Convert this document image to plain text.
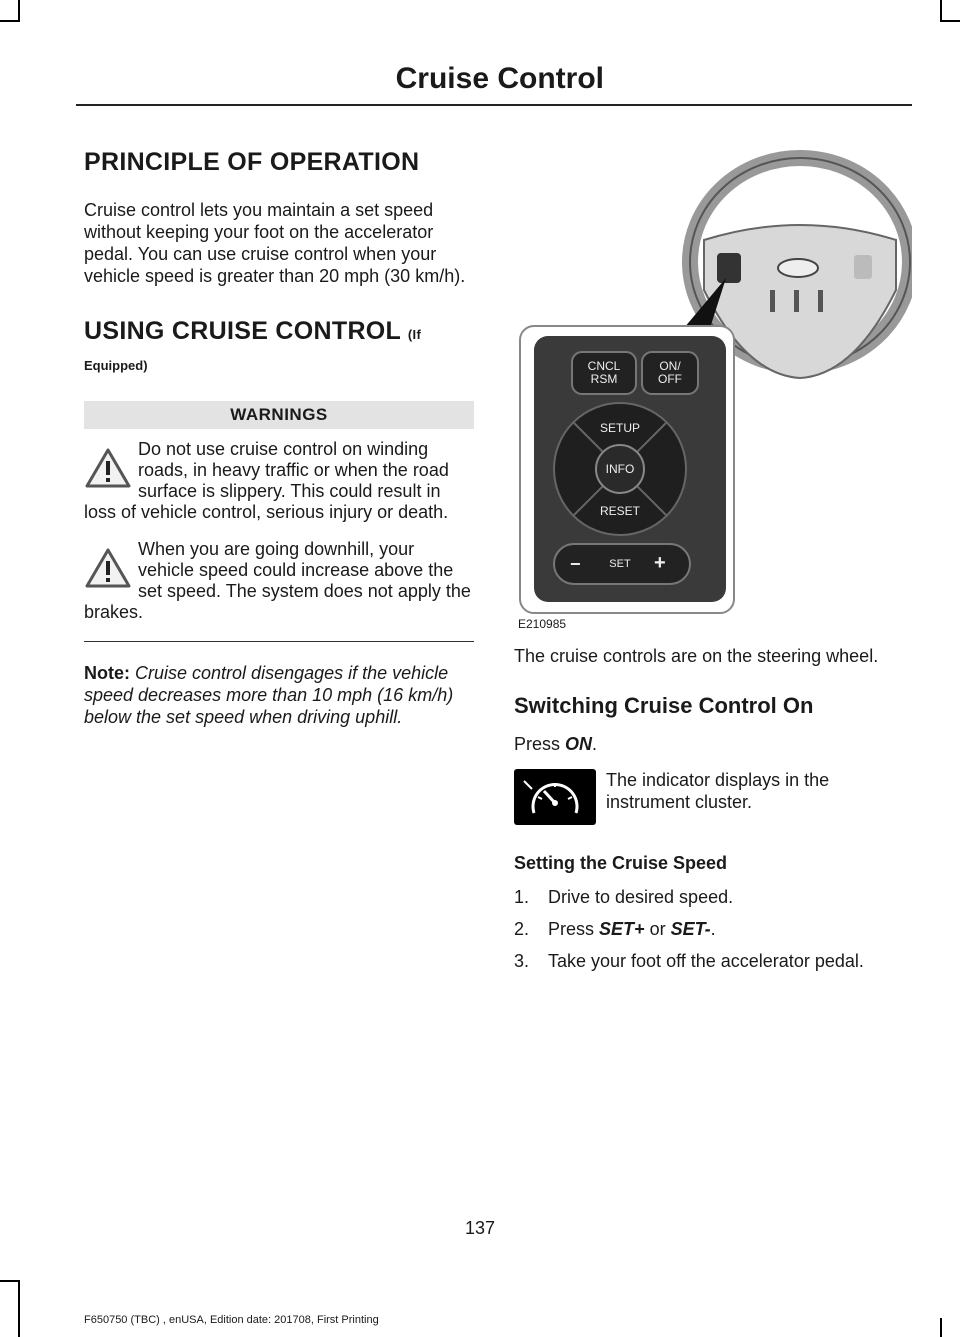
Cruise Control
PRINCIPLE OF OPERATION

Cruise control lets you maintain a set speed without keeping your foot on the accelerator pedal. You can use cruise control when your vehicle speed is greater than 20 mph (30 km/h).

USING CRUISE CONTROL (If
Equipped)
WARNINGS
Do not use cruise control on winding roads, in heavy traffic or when the road surface is slippery. This could result in loss of vehicle control, serious injury or death.
When you are going downhill, your vehicle speed could increase above the set speed. The system does not apply the brakes.
Note: Cruise control disengages if the vehicle speed decreases more than 10 mph (16 km/h) below the set speed when driving uphill.
CNCL
RSM
ON/
OFF
SETUP
INFO
RESET
−	SET	+
E210985

The cruise controls are on the steering wheel.

Switching Cruise Control On

Press ON.

The indicator displays in the instrument cluster.

Setting the Cruise Speed
1. Drive to desired speed.
2. Press SET+ or SET-.
3. Take your foot off the accelerator pedal.
137
F650750 (TBC) , enUSA, Edition date: 201708, First Printing
